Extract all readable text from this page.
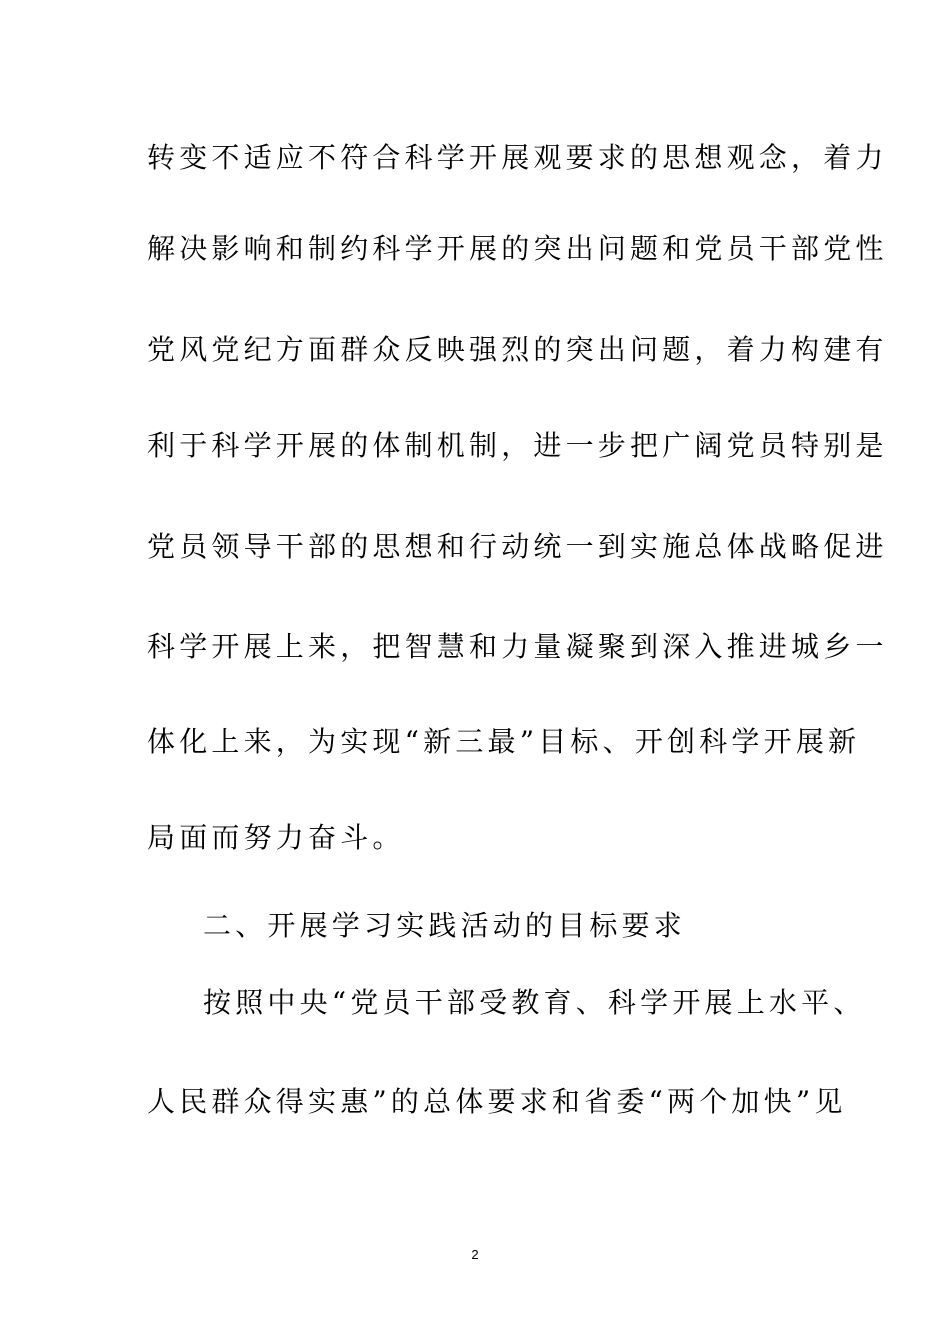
转变不适应不符合科学开展观要求的思想观念，着力
解决影响和制约科学开展的突出问题和党员干部党性
党风党纪方面群众反映强烈的突出问题，着力构建有
利于科学开展的体制机制，进一步把广阔党员特别是
党员领导干部的思想和行动统一到实施总体战略促进
科学开展上来，把智慧和力量凝聚到深入推进城乡一
体化上来，为实现“新三最”目标、开创科学开展新
局面而努力奋斗。
二、开展学习实践活动的目标要求
按照中央“党员干部受教育、科学开展上水平、
人民群众得实惠”的总体要求和省委“两个加快”见
2
